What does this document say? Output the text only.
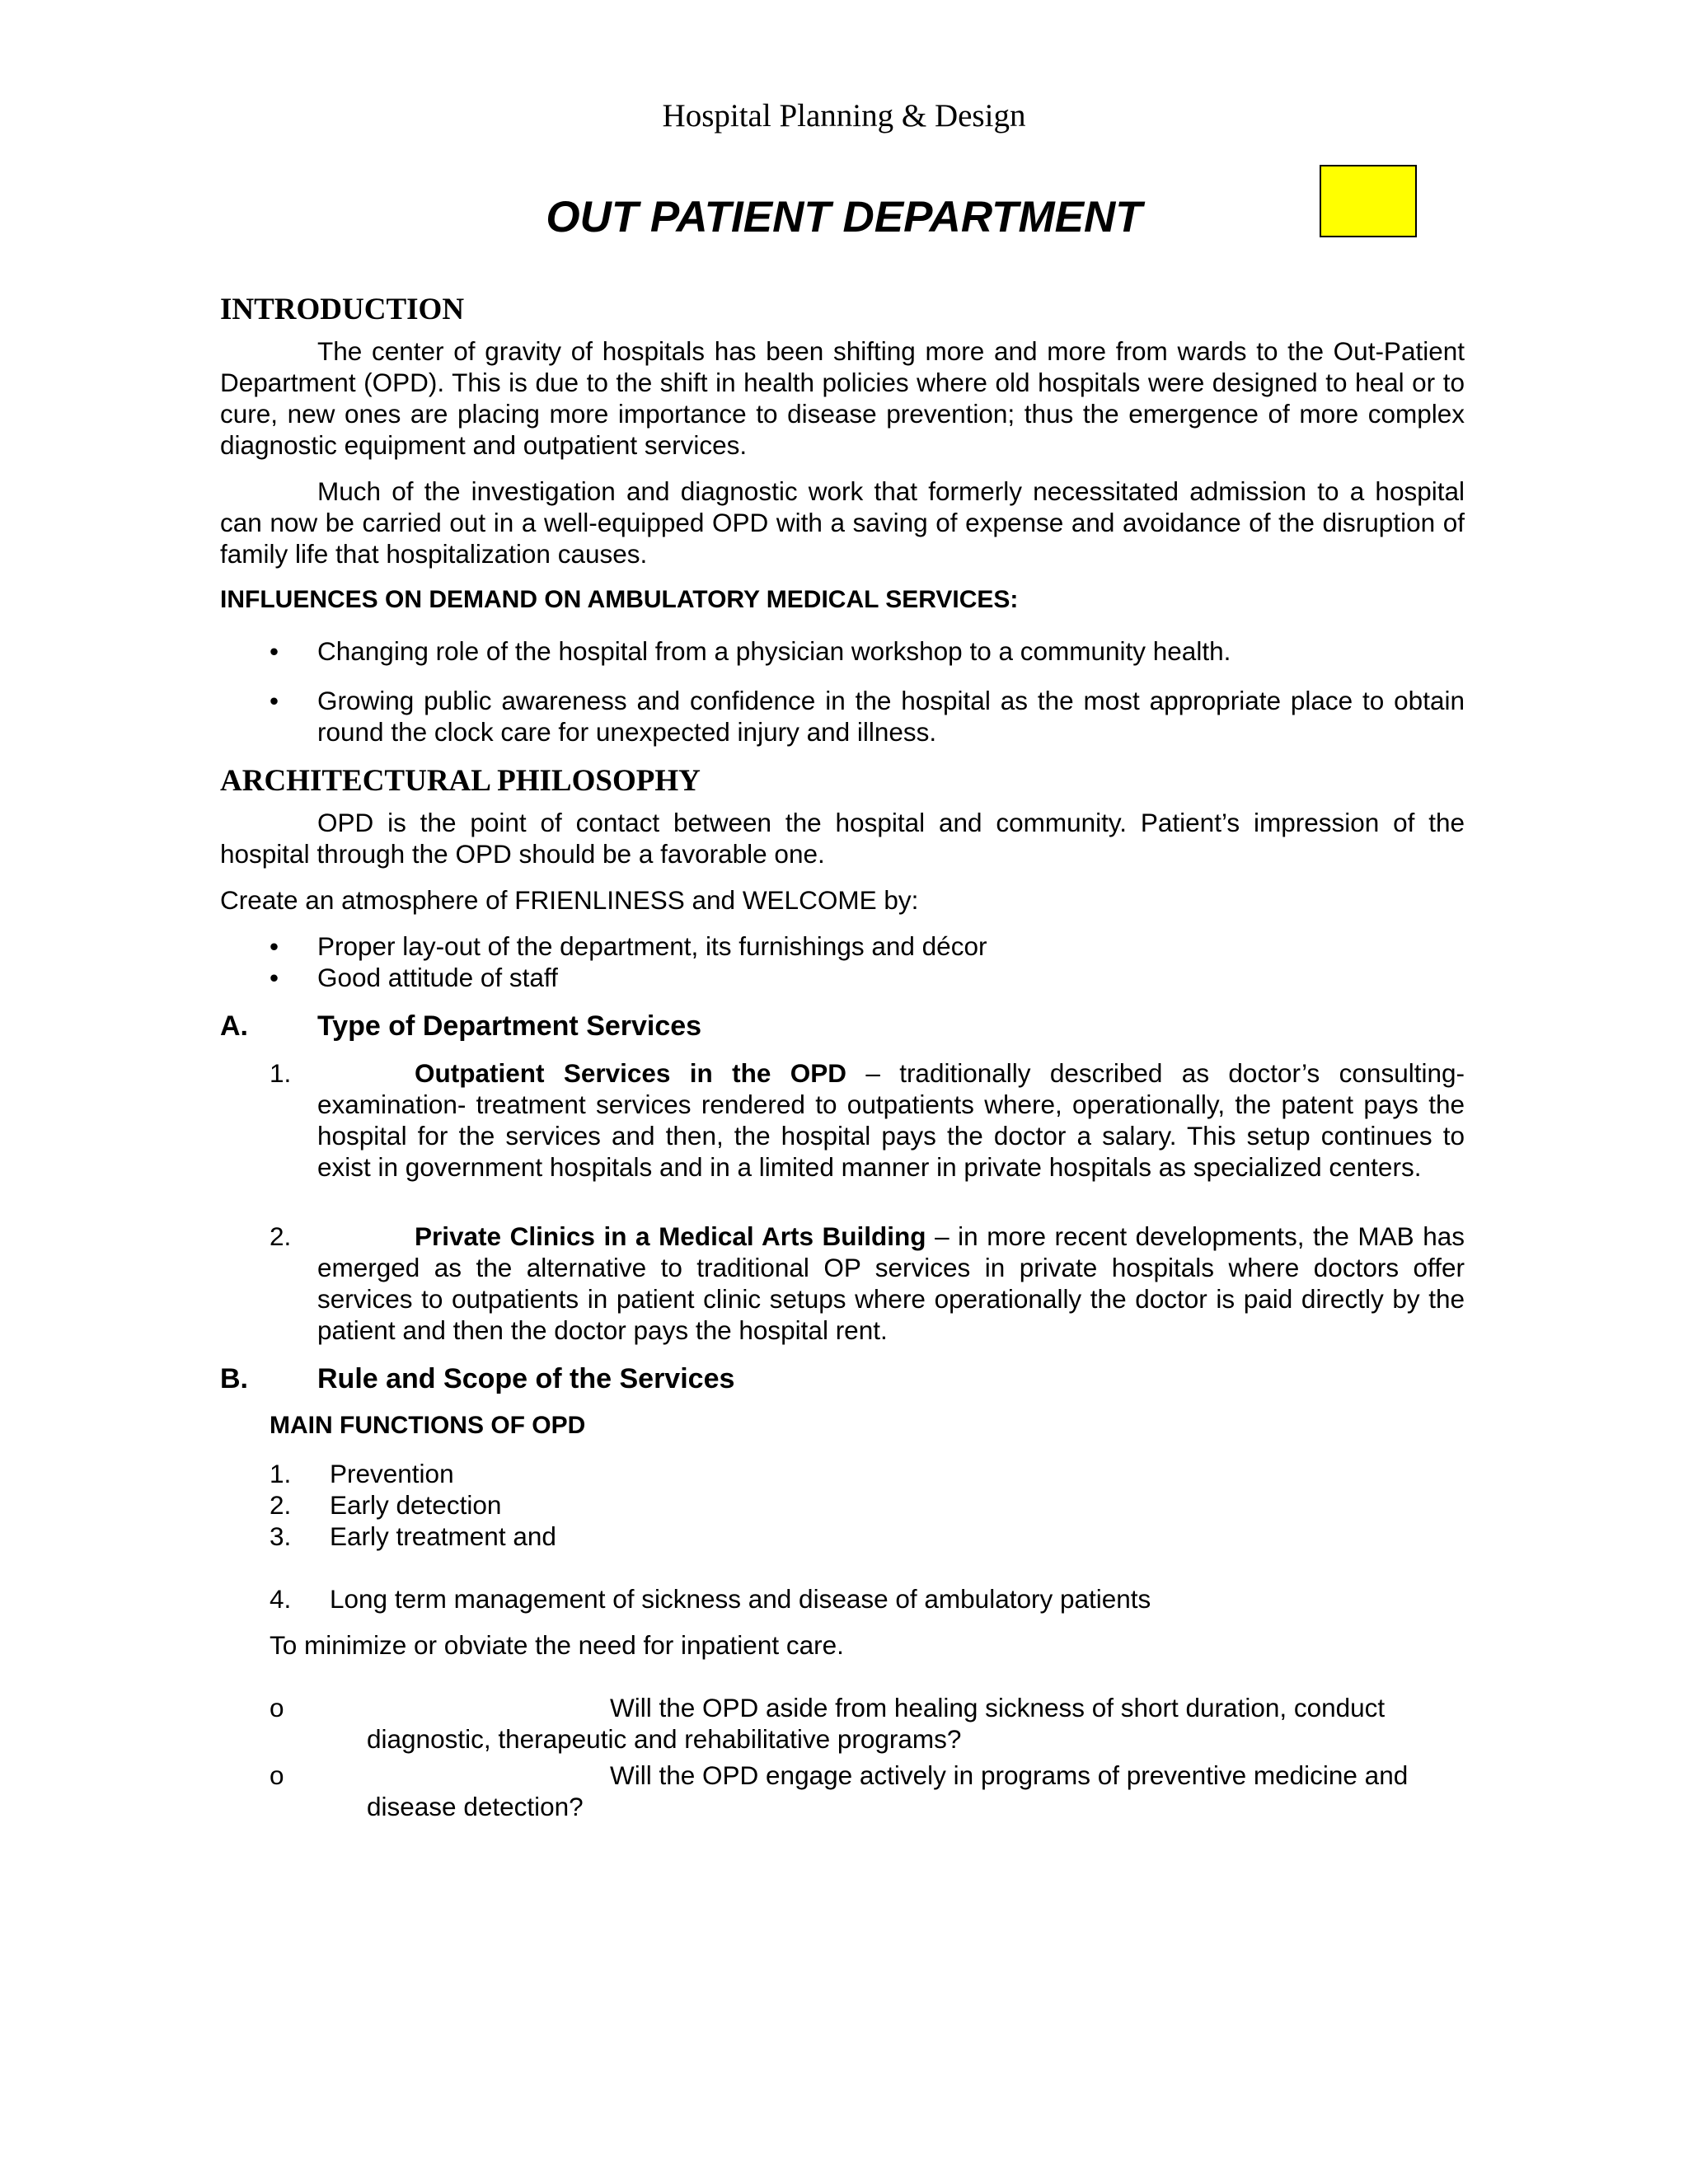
Hospital Planning & Design
OUT PATIENT DEPARTMENT
INTRODUCTION

The center of gravity of hospitals has been shifting more and more from wards to the Out-Patient Department (OPD). This is due to the shift in health policies where old hospitals were designed to heal or to cure, new ones are placing more importance to disease prevention; thus the emergence of more complex diagnostic equipment and outpatient services.

Much of the investigation and diagnostic work that formerly necessitated admission to a hospital can now be carried out in a well-equipped OPD with a saving of expense and avoidance of the disruption of family life that hospitalization causes.

INFLUENCES ON DEMAND ON AMBULATORY MEDICAL SERVICES:
• Changing role of the hospital from a physician workshop to a community health.
• Growing public awareness and confidence in the hospital as the most appropriate place to obtain round the clock care for unexpected injury and illness.
ARCHITECTURAL PHILOSOPHY

OPD is the point of contact between the hospital and community. Patient’s impression of the hospital through the OPD should be a favorable one.

Create an atmosphere of FRIENLINESS and WELCOME by:

• Proper lay-out of the department, its furnishings and décor
• Good attitude of staff
A. Type of Department Services
1.	Outpatient Services in the OPD – traditionally described as doctor’s consulting-examination- treatment services rendered to outpatients where, operationally, the patent pays the hospital for the services and then, the hospital pays the doctor a salary. This setup continues to exist in government hospitals and in a limited manner in private hospitals as specialized centers.
2.	Private Clinics in a Medical Arts Building – in more recent developments, the MAB has emerged as the alternative to traditional OP services in private hospitals where doctors offer services to outpatients in patient clinic setups where operationally the doctor is paid directly by the patient and then the doctor pays the hospital rent.
B. Rule and Scope of the Services
MAIN FUNCTIONS OF OPD
1. Prevention
2. Early detection
3. Early treatment and
4. Long term management of sickness and disease of ambulatory patients

To minimize or obviate the need for inpatient care.

o	Will the OPD aside from healing sickness of short duration, conduct
diagnostic, therapeutic and rehabilitative programs?
o	Will the OPD engage actively in programs of preventive medicine and
disease detection?
